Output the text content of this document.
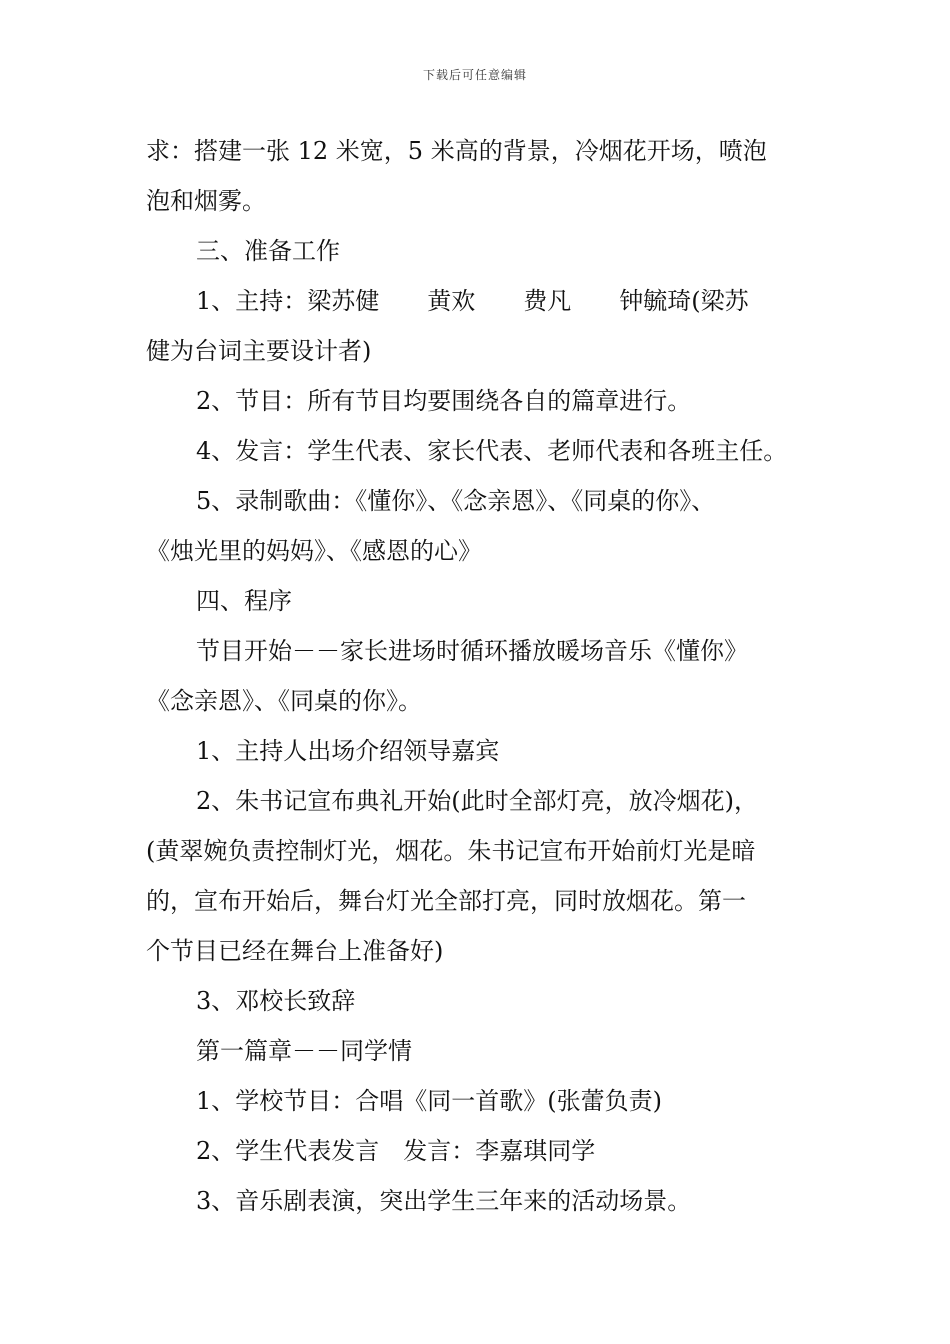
下载后可任意编辑
求：搭建一张 12 米宽，5 米高的背景，冷烟花开场，喷泡
泡和烟雾。
三、准备工作
1、主持：梁苏健　　黄欢　　费凡　　钟毓琦(梁苏
健为台词主要设计者)
2、节目：所有节目均要围绕各自的篇章进行。
4、发言：学生代表、家长代表、老师代表和各班主任。
5、录制歌曲：《懂你》、《念亲恩》、《同桌的你》、
《烛光里的妈妈》、《感恩的心》
四、程序
节目开始－－家长进场时循环播放暖场音乐《懂你》
《念亲恩》、《同桌的你》。
1、主持人出场介绍领导嘉宾
2、朱书记宣布典礼开始(此时全部灯亮，放冷烟花)，
(黄翠婉负责控制灯光，烟花。朱书记宣布开始前灯光是暗
的，宣布开始后，舞台灯光全部打亮，同时放烟花。第一
个节目已经在舞台上准备好)
3、邓校长致辞
第一篇章－－同学情
1、学校节目：合唱《同一首歌》(张蕾负责)
2、学生代表发言　发言：李嘉琪同学
3、音乐剧表演，突出学生三年来的活动场景。
